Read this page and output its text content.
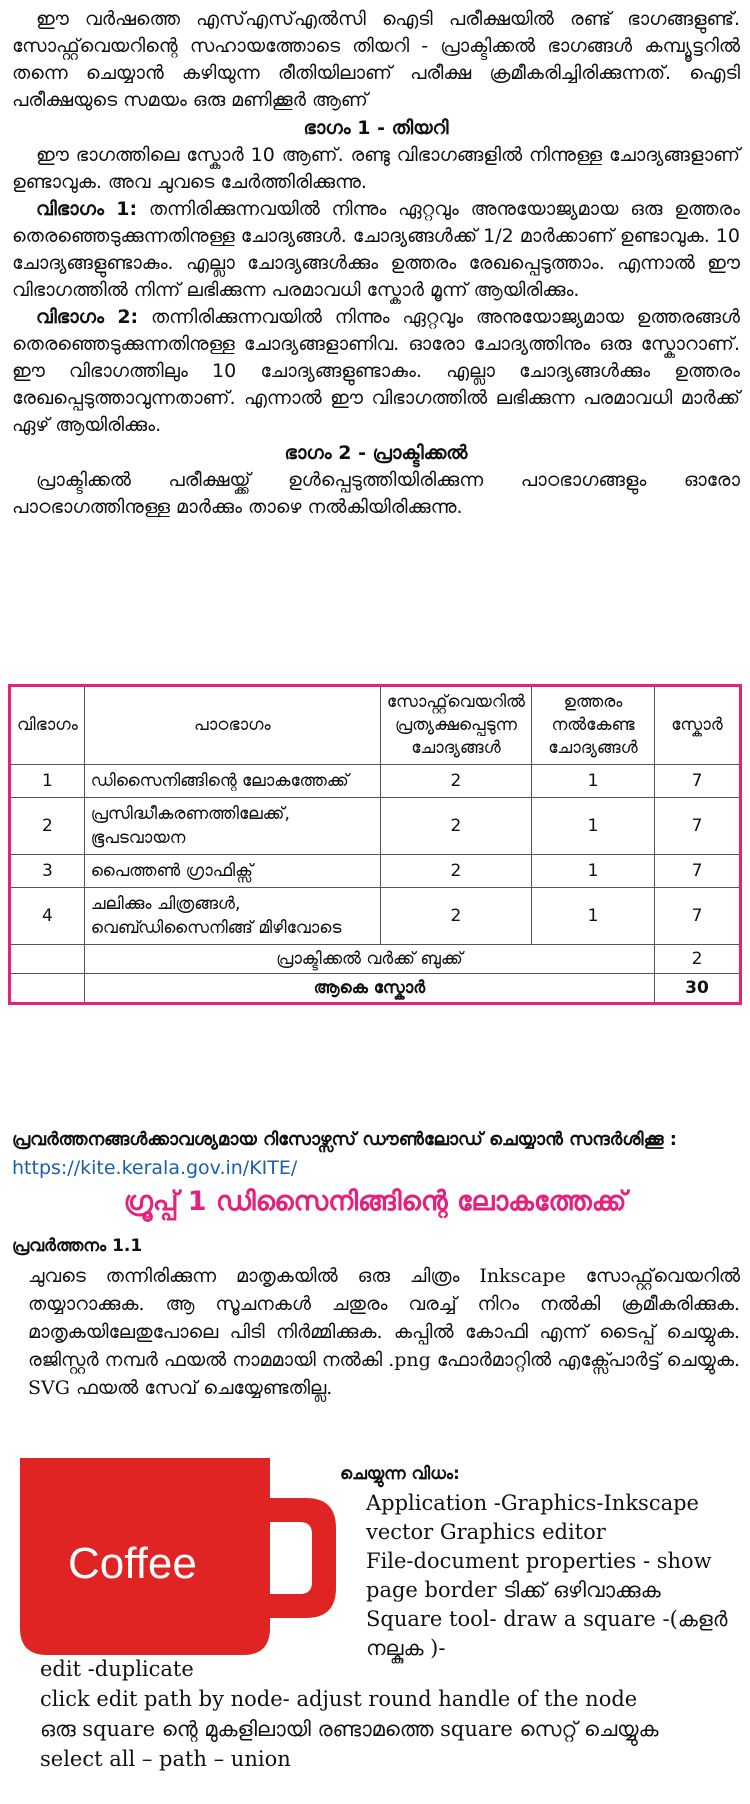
ഈ വർഷത്തെ എസ്എസ്എൽസി ഐടി പരീക്ഷയിൽ രണ്ട് ഭാഗങ്ങളുണ്ട്. സോഫ്റ്റ്‌വെയറിന്റെ സഹായത്തോടെ തിയറി - പ്രാക്ടിക്കൽ ഭാഗങ്ങൾ കമ്പ്യൂട്ടറിൽ തന്നെ ചെയ്യാൻ കഴിയുന്ന രീതിയിലാണ് പരീക്ഷ ക്രമീകരിച്ചിരിക്കുന്നത്. ഐടി പരീക്ഷയുടെ സമയം ഒരു മണിക്കൂർ ആണ്

ഭാഗം 1 - തിയറി

ഈ ഭാഗത്തിലെ സ്കോർ 10 ആണ്. രണ്ടു വിഭാഗങ്ങളിൽ നിന്നുള്ള ചോദ്യങ്ങളാണ് ഉണ്ടാവുക. അവ ചുവടെ ചേർത്തിരിക്കുന്നു.

വിഭാഗം 1: തന്നിരിക്കുന്നവയിൽ നിന്നും ഏറ്റവും അനുയോജ്യമായ ഒരു ഉത്തരം തെരഞ്ഞെടുക്കുന്നതിനുള്ള ചോദ്യങ്ങൾ. ചോദ്യങ്ങൾക്ക് 1/2 മാർക്കാണ് ഉണ്ടാവുക. 10 ചോദ്യങ്ങളുണ്ടാകും. എല്ലാ ചോദ്യങ്ങൾക്കും ഉത്തരം രേഖപ്പെടുത്താം. എന്നാൽ ഈ വിഭാഗത്തിൽ നിന്ന് ലഭിക്കുന്ന പരമാവധി സ്കോർ മൂന്ന് ആയിരിക്കും.

വിഭാഗം 2: തന്നിരിക്കുന്നവയിൽ നിന്നും ഏറ്റവും അനുയോജ്യമായ ഉത്തരങ്ങൾ തെരഞ്ഞെടുക്കുന്നതിനുള്ള ചോദ്യങ്ങളാണിവ. ഓരോ ചോദ്യത്തിനും ഒരു സ്കോറാണ്. ഈ വിഭാഗത്തിലും 10 ചോദ്യങ്ങളുണ്ടാകും. എല്ലാ ചോദ്യങ്ങൾക്കും ഉത്തരം രേഖപ്പെടുത്താവുന്നതാണ്. എന്നാൽ ഈ വിഭാഗത്തിൽ ലഭിക്കുന്ന പരമാവധി മാർക്ക് ഏഴ് ആയിരിക്കും.

ഭാഗം 2 - പ്രാക്ടിക്കൽ

പ്രാക്ടിക്കൽ പരീക്ഷയ്ക്ക് ഉൾപ്പെടുത്തിയിരിക്കുന്ന പാഠഭാഗങ്ങളും ഓരോ പാഠഭാഗത്തിനുള്ള മാർക്കും താഴെ നൽകിയിരിക്കുന്നു.

വിഭാഗം	പാഠഭാഗം	സോഫ്റ്റ്‌വെയറിൽ പ്രത്യക്ഷപ്പെടുന്ന ചോദ്യങ്ങൾ	ഉത്തരം നൽകേണ്ട ചോദ്യങ്ങൾ	സ്കോർ
1	ഡിസൈനിങ്ങിന്റെ ലോകത്തേക്ക്	2	1	7
2	പ്രസിദ്ധീകരണത്തിലേക്ക്, ഭൂപടവായന	2	1	7
3	പൈത്തൺ ഗ്രാഫിക്സ്	2	1	7
4	ചലിക്കും ചിത്രങ്ങൾ, വെബ്ഡിസൈനിങ്ങ് മിഴിവോടെ	2	1	7
	പ്രാക്ടിക്കൽ വർക്ക് ബുക്ക്			2
	ആകെ സ്കോർ			30
പ്രവർത്തനങ്ങൾക്കാവശ്യമായ റിസോഴ്സസ് ഡൗൺലോഡ് ചെയ്യാൻ സന്ദർശിക്കൂ : https://kite.kerala.gov.in/KITE/
ഗ്രൂപ്പ് 1 ഡിസൈനിങ്ങിന്റെ ലോകത്തേക്ക്
പ്രവർത്തനം 1.1
ചുവടെ തന്നിരിക്കുന്ന മാതൃകയിൽ ഒരു ചിത്രം Inkscape സോഫ്റ്റ്‌വെയറിൽ തയ്യാറാക്കുക. ആ സൂചനകൾ ചതുരം വരച്ച് നിറം നൽകി ക്രമീകരിക്കുക. മാതൃകയിലേതുപോലെ പിടി നിർമ്മിക്കുക. കപ്പിൽ കോഫി എന്ന് ടൈപ്പ് ചെയ്യുക. രജിസ്റ്റർ നമ്പർ ഫയൽ നാമമായി നൽകി .png ഫോർമാറ്റിൽ എക്സ്പോർട്ട് ചെയ്യുക. SVG ഫയൽ സേവ് ചെയ്യേണ്ടതില്ല.
Coffee
ചെയ്യുന്ന വിധം:
Application -Graphics-Inkscape vector Graphics editor
File-document properties - show page border ടിക്ക് ഒഴിവാക്കുക
Square tool- draw a square -(കളർ നല്കുക )-
edit -duplicate
click edit path by node- adjust round handle of the node
ഒരു square ന്റെ മുകളിലായി രണ്ടാമത്തെ square സെറ്റ് ചെയ്യുക
select all – path – union
